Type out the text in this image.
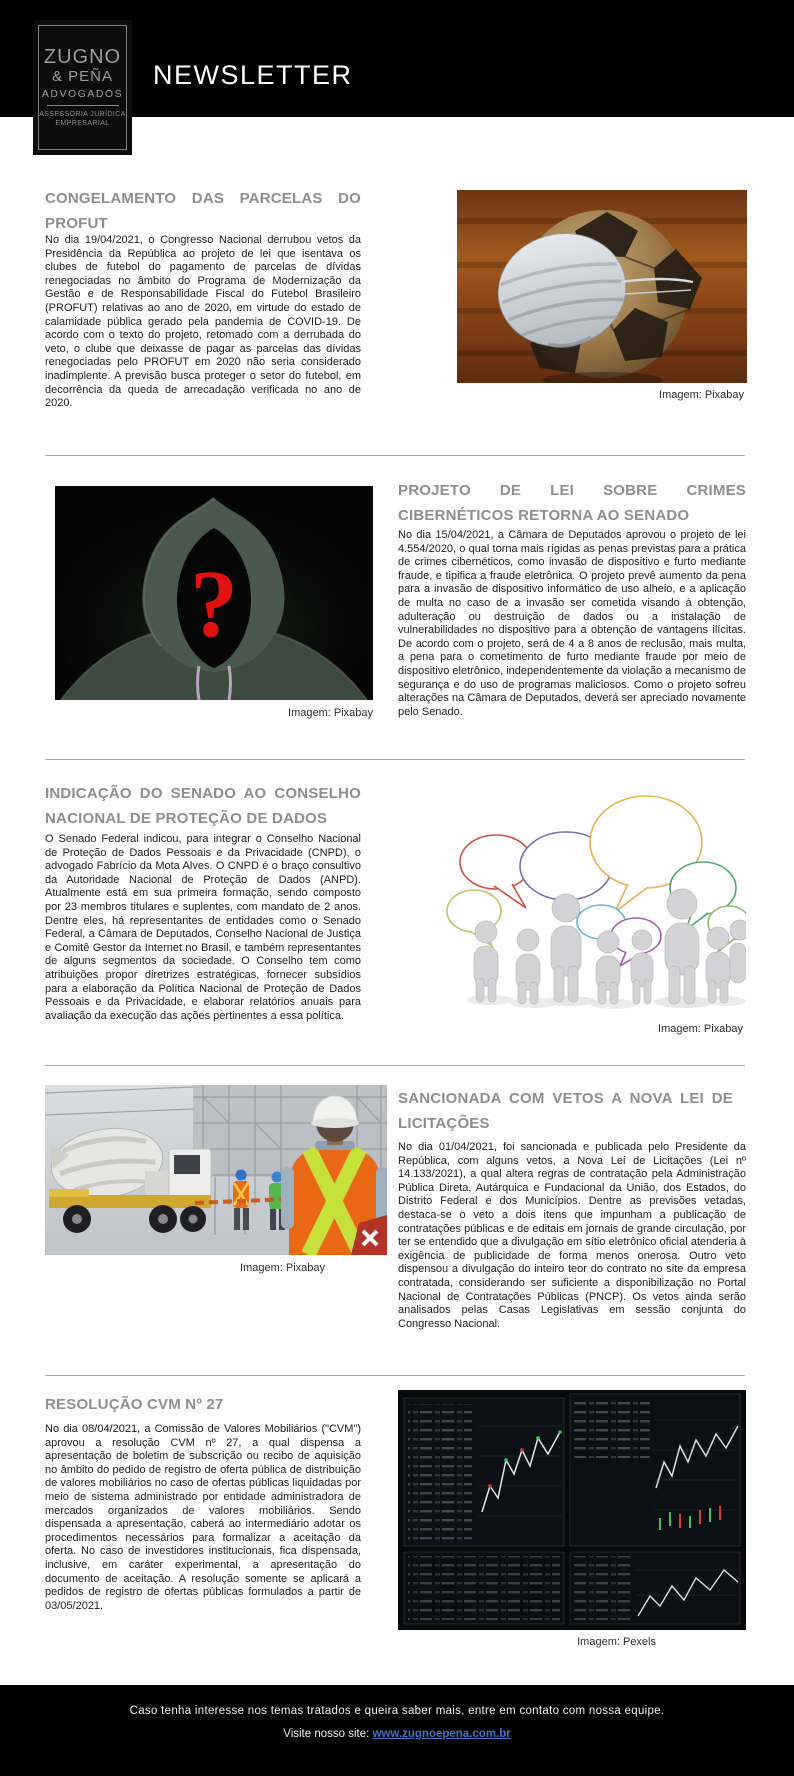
NEWSLETTER
ZUGNO
& PEÑA
ADVOGADOS
ASSESSORIA JURÍDICA
EMPRESARIAL
CONGELAMENTO DAS PARCELAS DO PROFUT
No dia 19/04/2021, o Congresso Nacional derrubou vetos da Presidência da República ao projeto de lei que isentava os clubes de futebol do pagamento de parcelas de dívidas renegociadas no âmbito do Programa de Modernização da Gestão e de Responsabilidade Fiscal do Futebol Brasileiro (PROFUT) relativas ao ano de 2020, em virtude do estado de calamidade pública gerado pela pandemia de COVID-19. De acordo com o texto do projeto, retomado com a derrubada do veto, o clube que deixasse de pagar as parcelas das dívidas renegociadas pelo PROFUT em 2020 não seria considerado inadimplente. A previsão busca proteger o setor do futebol, em decorrência da queda de arrecadação verificada no ano de 2020.
Imagem: Pixabay
?
Imagem: Pixabay
PROJETO DE LEI SOBRE CRIMES CIBERNÉTICOS RETORNA AO SENADO
No dia 15/04/2021, a Câmara de Deputados aprovou o projeto de lei 4.554/2020, o qual torna mais rígidas as penas previstas para a prática de crimes cibernéticos, como invasão de dispositivo e furto mediante fraude, e tipifica a fraude eletrônica. O projeto prevê aumento da pena para a invasão de dispositivo informático de uso alheio, e a aplicação de multa no caso de a invasão ser cometida visando à obtenção, adulteração ou destruição de dados ou a instalação de vulnerabilidades no dispositivo para a obtenção de vantagens ilícitas. De acordo com o projeto, será de 4 a 8 anos de reclusão, mais multa, a pena para o cometimento de furto mediante fraude por meio de dispositivo eletrônico, independentemente da violação a mecanismo de segurança e do uso de programas maliciosos. Como o projeto sofreu alterações na Câmara de Deputados, deverá ser apreciado novamente pelo Senado.
INDICAÇÃO DO SENADO AO CONSELHO NACIONAL DE PROTEÇÃO DE DADOS
O Senado Federal indicou, para integrar o Conselho Nacional de Proteção de Dados Pessoais e da Privacidade (CNPD), o advogado Fabrício da Mota Alves. O CNPD é o braço consultivo da Autoridade Nacional de Proteção de Dados (ANPD). Atualmente está em sua primeira formação, sendo composto por 23 membros titulares e suplentes, com mandato de 2 anos. Dentre eles, há representantes de entidades como o Senado Federal, a Câmara de Deputados, Conselho Nacional de Justiça e Comitê Gestor da Internet no Brasil, e também representantes de alguns segmentos da sociedade. O Conselho tem como atribuições propor diretrizes estratégicas, fornecer subsídios para a elaboração da Política Nacional de Proteção de Dados Pessoais e da Privacidade, e elaborar relatórios anuais para avaliação da execução das ações pertinentes a essa política.
Imagem: Pixabay
Imagem: Pixabay
SANCIONADA COM VETOS A NOVA LEI DE LICITAÇÕES
No dia 01/04/2021, foi sancionada e publicada pelo Presidente da República, com alguns vetos, a Nova Lei de Licitações (Lei nº 14.133/2021), a qual altera regras de contratação pela Administração Pública Direta, Autárquica e Fundacional da União, dos Estados, do Distrito Federal e dos Municípios. Dentre as previsões vetadas, destaca-se o veto a dois itens que impunham a publicação de contratações públicas e de editais em jornais de grande circulação, por ter se entendido que a divulgação em sítio eletrônico oficial atenderia à exigência de publicidade de forma menos onerosa. Outro veto dispensou a divulgação do inteiro teor do contrato no site da empresa contratada, considerando ser suficiente a disponibilização no Portal Nacional de Contratações Públicas (PNCP). Os vetos ainda serão analisados pelas Casas Legislativas em sessão conjunta do Congresso Nacional.
RESOLUÇÃO CVM Nº 27
No dia 08/04/2021, a Comissão de Valores Mobiliários ("CVM") aprovou a resolução CVM nº 27, a qual dispensa a apresentação de boletim de subscrição ou recibo de aquisição no âmbito do pedido de registro de oferta pública de distribuição de valores mobiliários no caso de ofertas públicas liquidadas por meio de sistema administrado por entidade administradora de mercados organizados de valores mobiliários. Sendo dispensada a apresentação, caberá ao intermediário adotar os procedimentos necessários para formalizar a aceitação da oferta. No caso de investidores institucionais, fica dispensada, inclusive, em caráter experimental, a apresentação do documento de aceitação. A resolução somente se aplicará a pedidos de registro de ofertas públicas formulados a partir de 03/05/2021.
Imagem: Pexels
Caso tenha interesse nos temas tratados e queira saber mais, entre em contato com nossa equipe.
Visite nosso site: www.zugnoepena.com.br
